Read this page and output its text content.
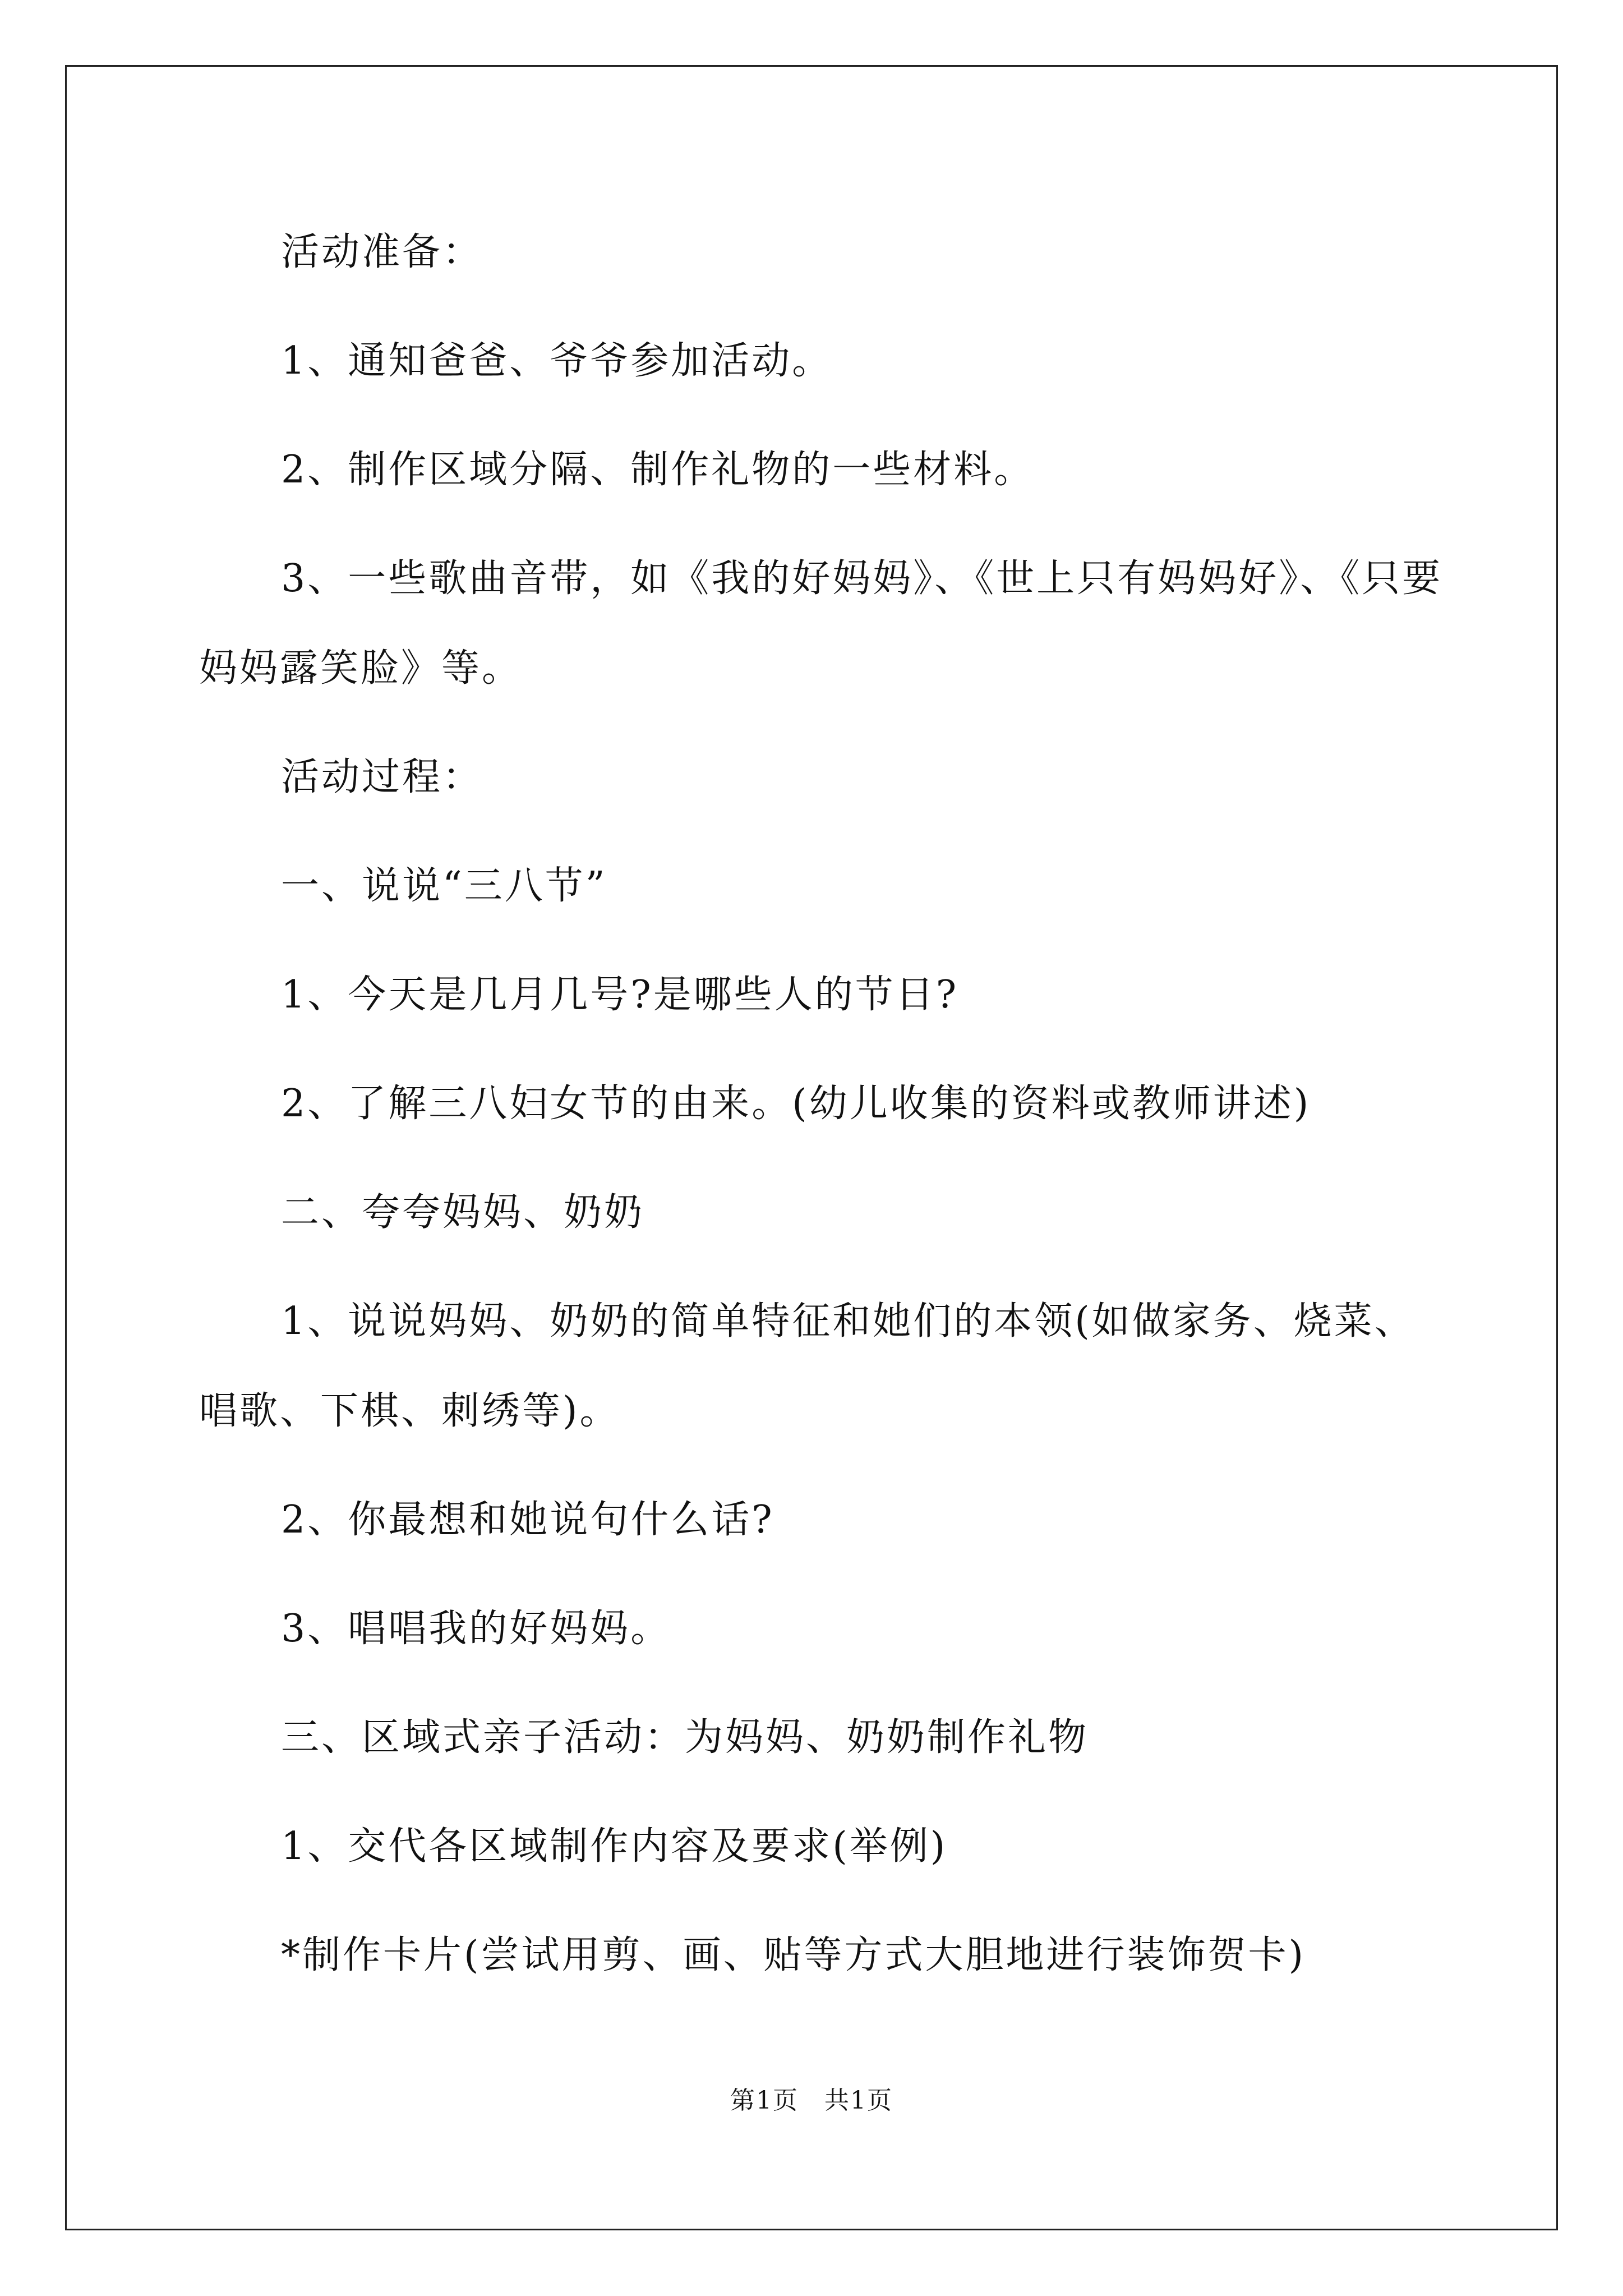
活动准备：

1、通知爸爸、爷爷参加活动。

2、制作区域分隔、制作礼物的一些材料。

3、一些歌曲音带，如《我的好妈妈》、《世上只有妈妈好》、《只要

妈妈露笑脸》等。

活动过程：

一、说说“三八节”

1、今天是几月几号?是哪些人的节日?

2、了解三八妇女节的由来。(幼儿收集的资料或教师讲述)

二、夸夸妈妈、奶奶

1、说说妈妈、奶奶的简单特征和她们的本领(如做家务、烧菜、

唱歌、下棋、刺绣等)。

2、你最想和她说句什么话?

3、唱唱我的好妈妈。

三、区域式亲子活动：为妈妈、奶奶制作礼物

1、交代各区域制作内容及要求(举例)

*制作卡片(尝试用剪、画、贴等方式大胆地进行装饰贺卡)

第1页　共1页
